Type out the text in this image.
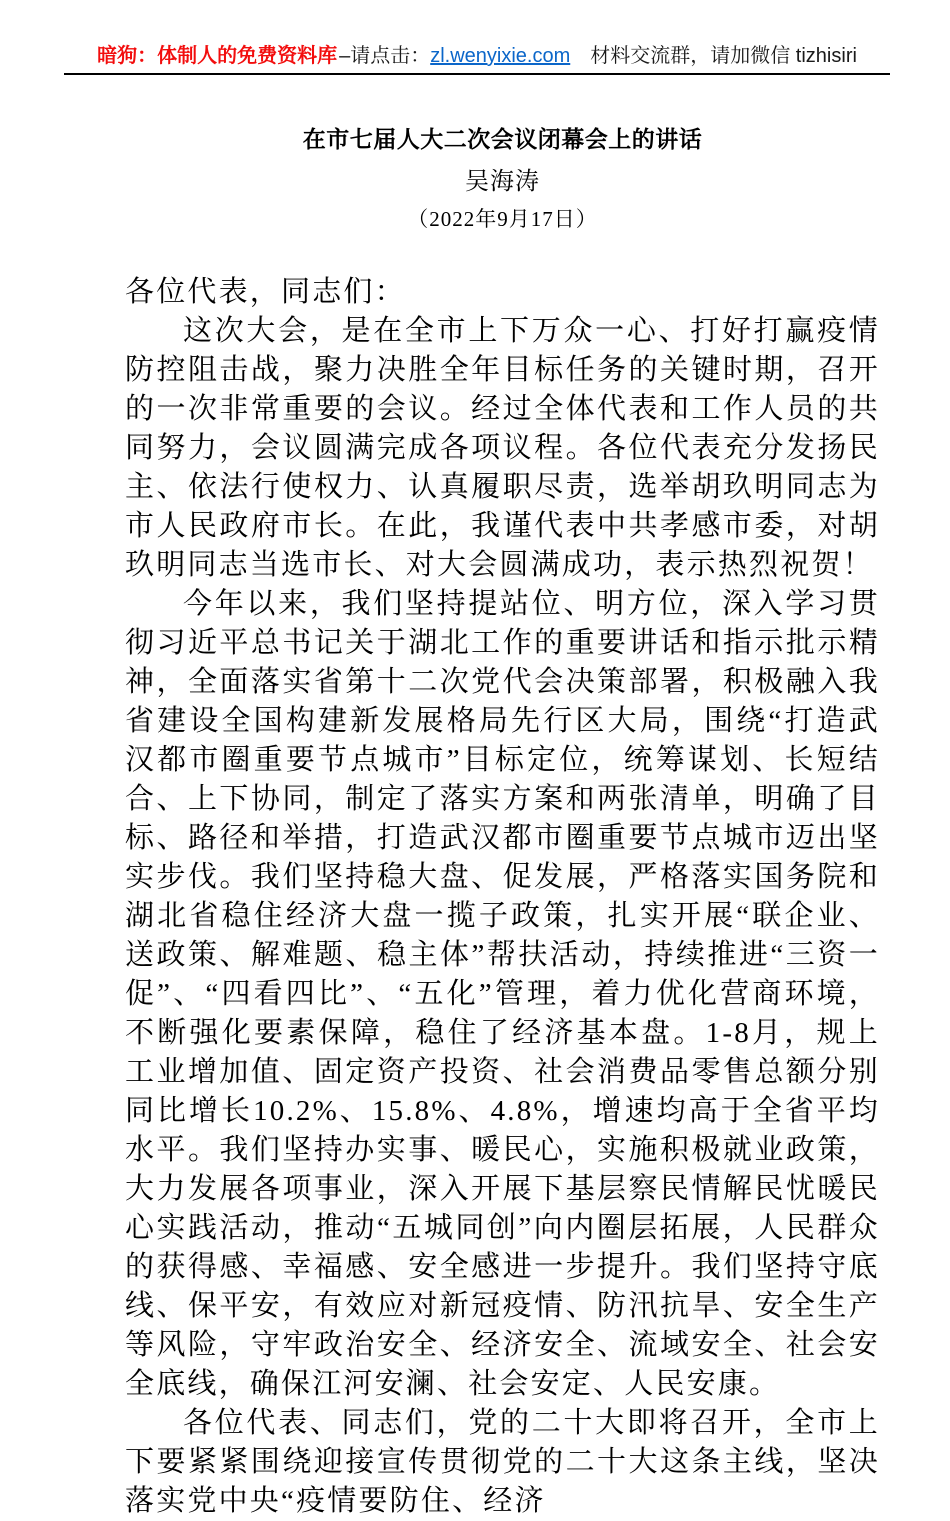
暗狗：体制人的免费资料库 –请点击：zl.wenyixie.com 材料交流群，请加微信 tizhisiri
在市七届人大二次会议闭幕会上的讲话
吴海涛
（2022年9月17日）

各位代表，同志们：

这次大会，是在全市上下万众一心、打好打赢疫情防控阻击战，聚力决胜全年目标任务的关键时期，召开的一次非常重要的会议。经过全体代表和工作人员的共同努力，会议圆满完成各项议程。各位代表充分发扬民主、依法行使权力、认真履职尽责，选举胡玖明同志为市人民政府市长。在此，我谨代表中共孝感市委，对胡玖明同志当选市长、对大会圆满成功，表示热烈祝贺！

今年以来，我们坚持提站位、明方位，深入学习贯彻习近平总书记关于湖北工作的重要讲话和指示批示精神，全面落实省第十二次党代会决策部署，积极融入我省建设全国构建新发展格局先行区大局，围绕“打造武汉都市圈重要节点城市”目标定位，统筹谋划、长短结合、上下协同，制定了落实方案和两张清单，明确了目标、路径和举措，打造武汉都市圈重要节点城市迈出坚实步伐。我们坚持稳大盘、促发展，严格落实国务院和湖北省稳住经济大盘一揽子政策，扎实开展“联企业、送政策、解难题、稳主体”帮扶活动，持续推进“三资一促”、“四看四比”、“五化”管理，着力优化营商环境，不断强化要素保障，稳住了经济基本盘。1-8月，规上工业增加值、固定资产投资、社会消费品零售总额分别同比增长10.2%、15.8%、4.8%，增速均高于全省平均水平。我们坚持办实事、暖民心，实施积极就业政策，大力发展各项事业，深入开展下基层察民情解民忧暖民心实践活动，推动“五城同创”向内圈层拓展，人民群众的获得感、幸福感、安全感进一步提升。我们坚持守底线、保平安，有效应对新冠疫情、防汛抗旱、安全生产等风险，守牢政治安全、经济安全、流域安全、社会安全底线，确保江河安澜、社会安定、人民安康。

各位代表、同志们，党的二十大即将召开，全市上下要紧紧围绕迎接宣传贯彻党的二十大这条主线，坚决落实党中央“疫情要防住、经济
